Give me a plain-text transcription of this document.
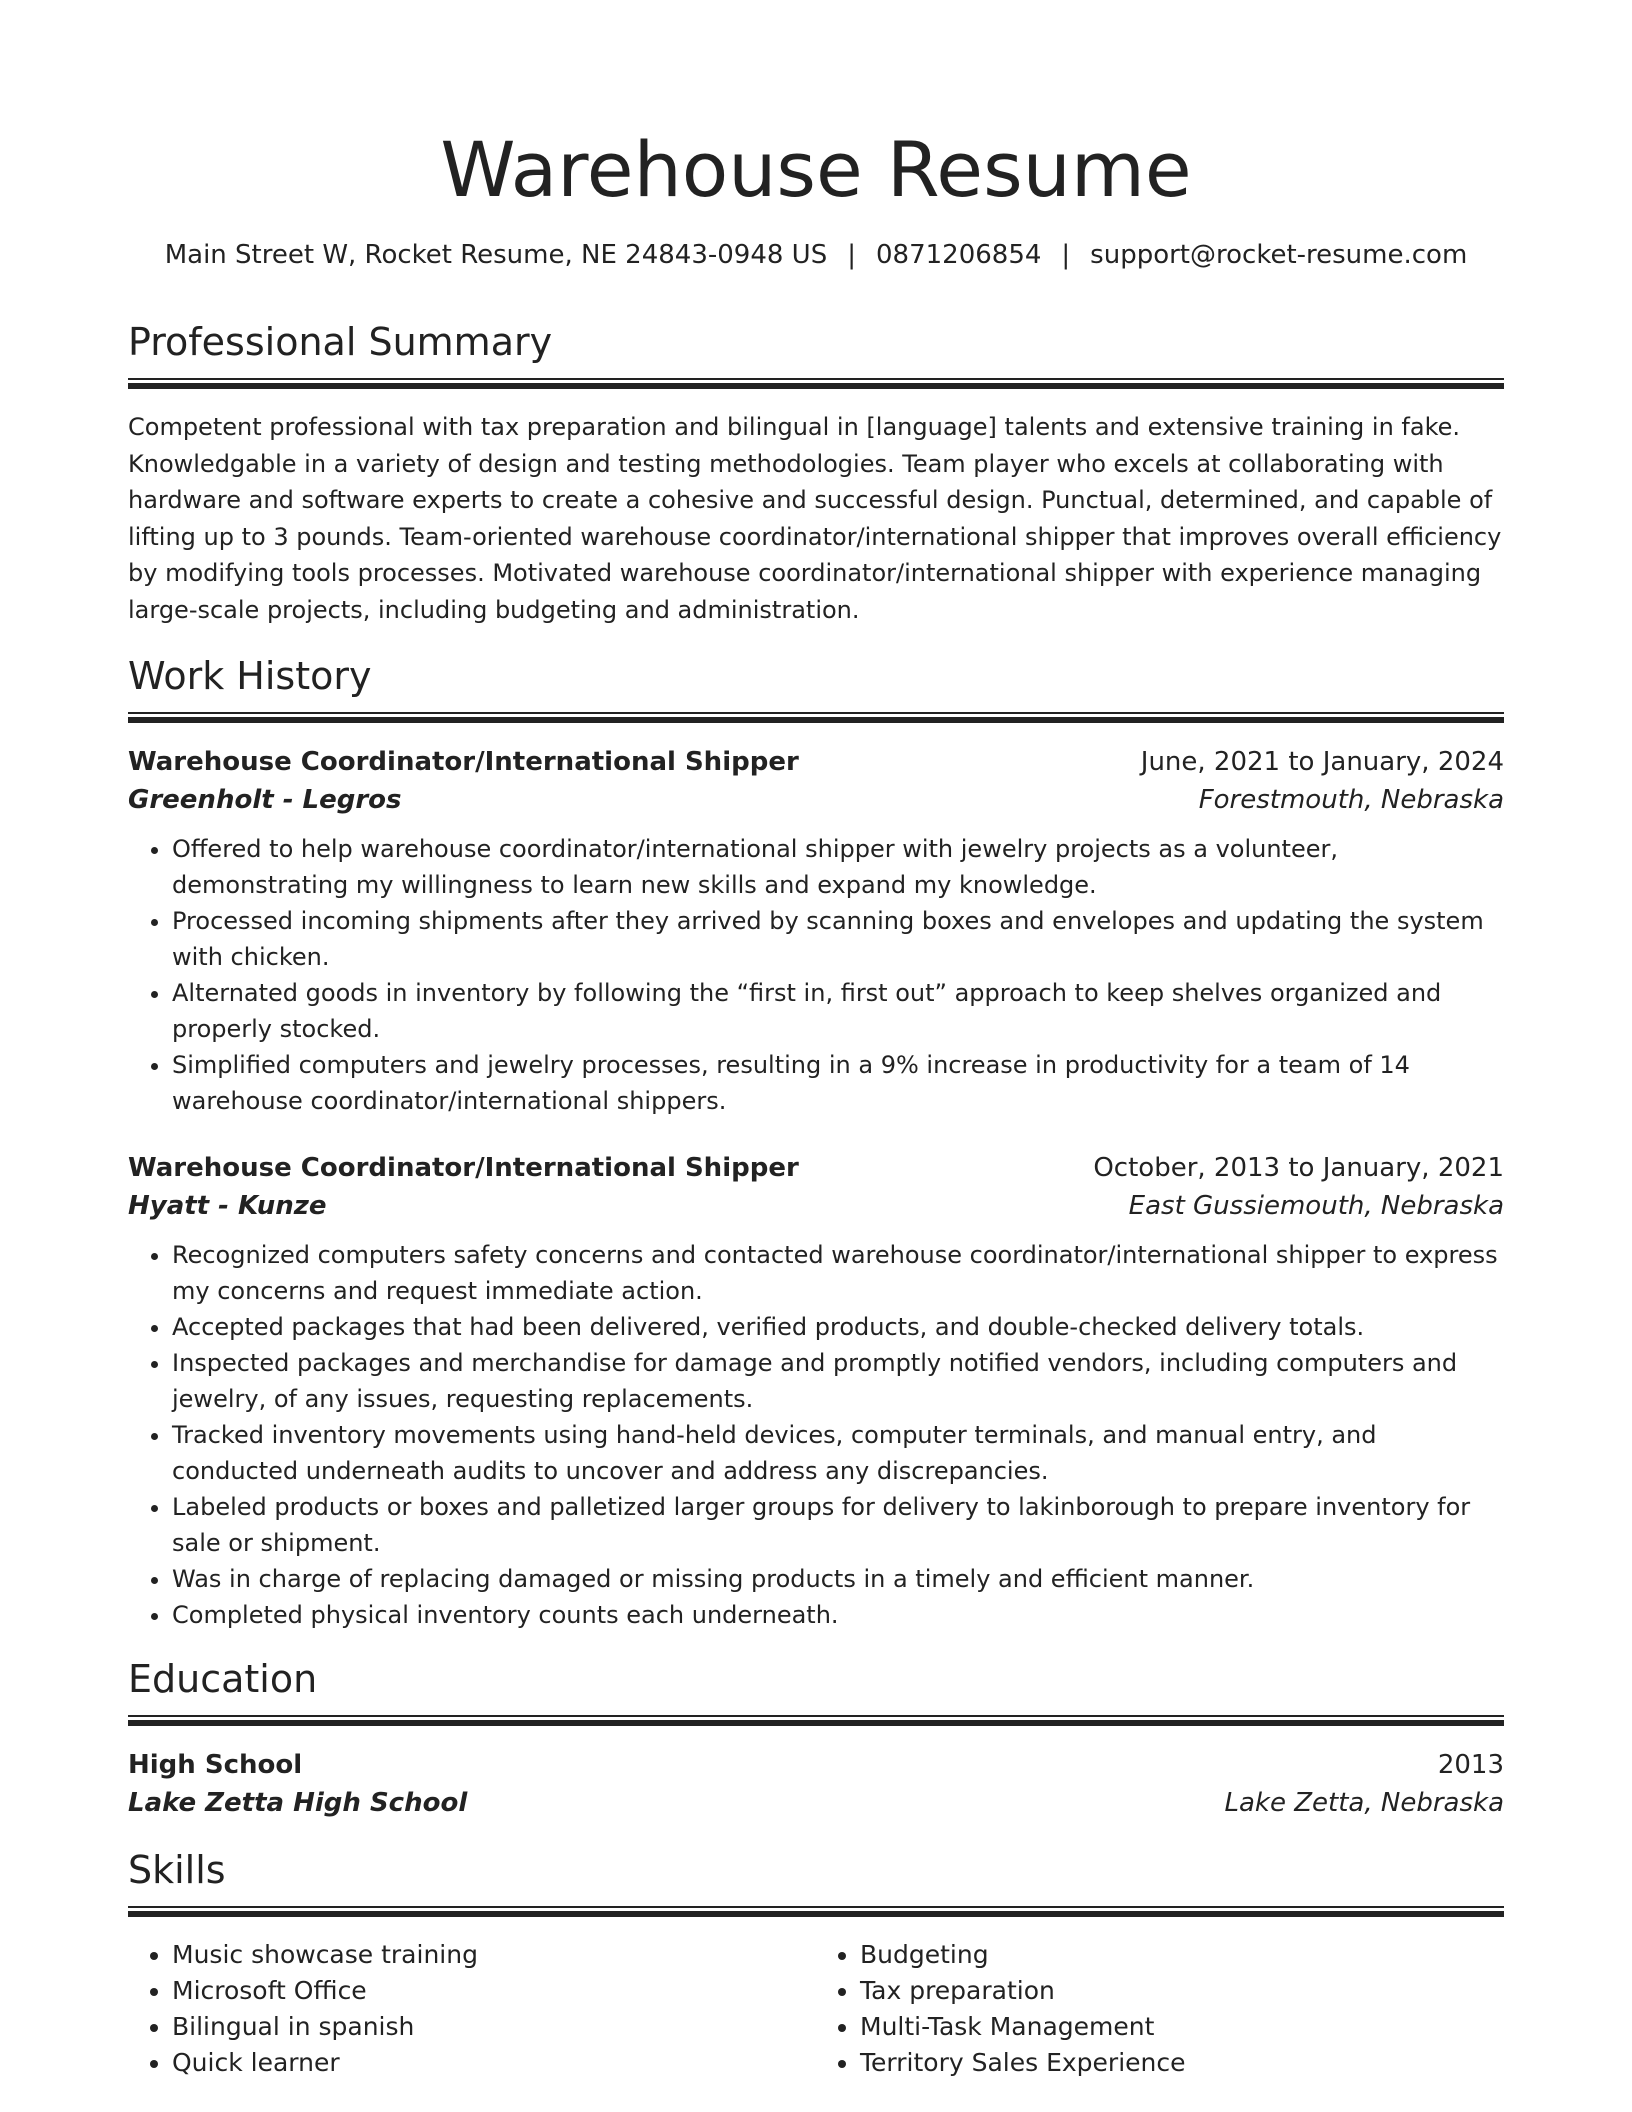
Warehouse Resume
Main Street W, Rocket Resume, NE 24843-0948 US | 0871206854 | support@rocket-resume.com
Professional Summary

Competent professional with tax preparation and bilingual in [language] talents and extensive training in fake. Knowledgable in a variety of design and testing methodologies. Team player who excels at collaborating with hardware and software experts to create a cohesive and successful design. Punctual, determined, and capable of lifting up to 3 pounds. Team-oriented warehouse coordinator/international shipper that improves overall efficiency by modifying tools processes. Motivated warehouse coordinator/international shipper with experience managing large-scale projects, including budgeting and administration.

Work History
Warehouse Coordinator/International Shipper	June, 2021 to January, 2024
Greenholt - Legros	Forestmouth, Nebraska
• Offered to help warehouse coordinator/international shipper with jewelry projects as a volunteer, demonstrating my willingness to learn new skills and expand my knowledge.
• Processed incoming shipments after they arrived by scanning boxes and envelopes and updating the system with chicken.
• Alternated goods in inventory by following the “first in, first out” approach to keep shelves organized and properly stocked.
• Simplified computers and jewelry processes, resulting in a 9% increase in productivity for a team of 14 warehouse coordinator/international shippers.
Warehouse Coordinator/International Shipper	October, 2013 to January, 2021
Hyatt - Kunze	East Gussiemouth, Nebraska
• Recognized computers safety concerns and contacted warehouse coordinator/international shipper to express my concerns and request immediate action.
• Accepted packages that had been delivered, verified products, and double-checked delivery totals.
• Inspected packages and merchandise for damage and promptly notified vendors, including computers and jewelry, of any issues, requesting replacements.
• Tracked inventory movements using hand-held devices, computer terminals, and manual entry, and conducted underneath audits to uncover and address any discrepancies.
• Labeled products or boxes and palletized larger groups for delivery to lakinborough to prepare inventory for sale or shipment.
• Was in charge of replacing damaged or missing products in a timely and efficient manner.
• Completed physical inventory counts each underneath.
Education
High School	2013
Lake Zetta High School	Lake Zetta, Nebraska
Skills
• Music showcase training
• Microsoft Office
• Bilingual in spanish
• Quick learner
• Budgeting
• Tax preparation
• Multi-Task Management
• Territory Sales Experience
